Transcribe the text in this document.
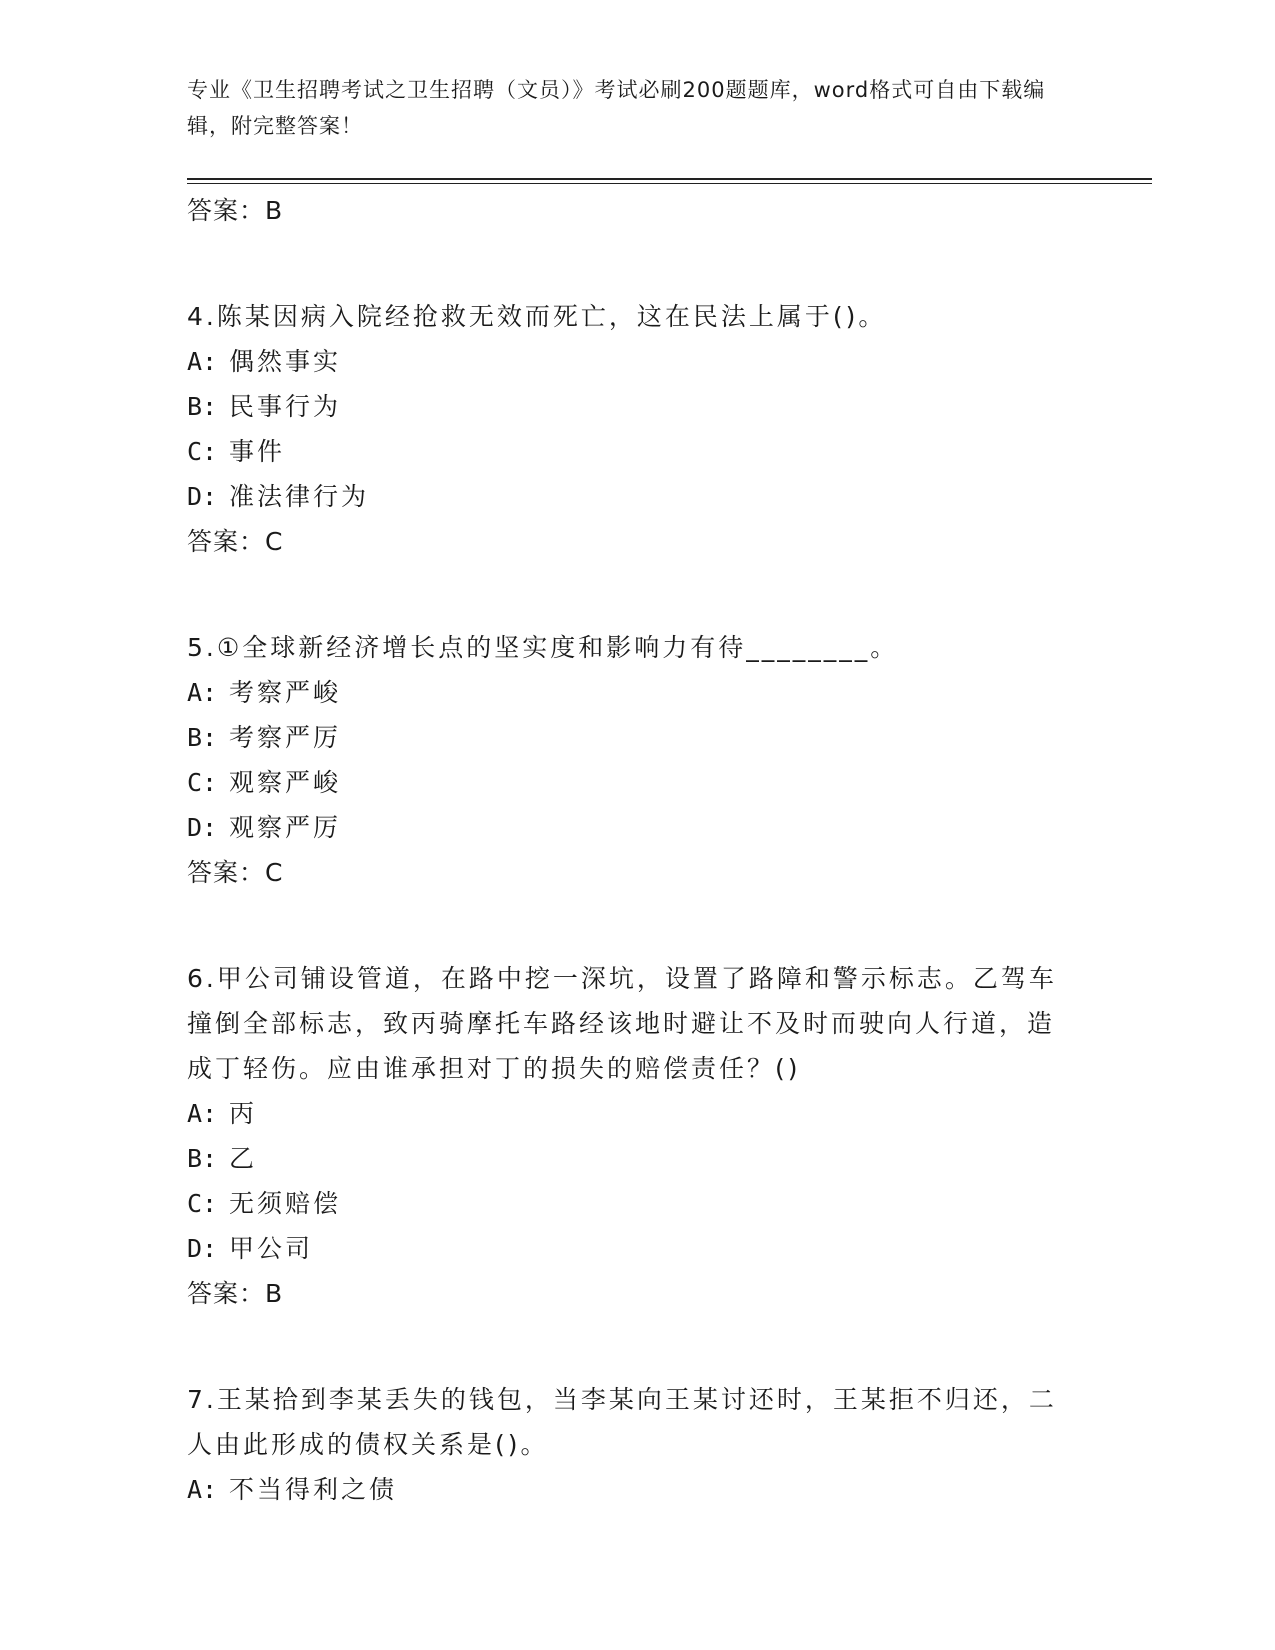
专业《卫生招聘考试之卫生招聘（文员）》考试必刷200题题库，word格式可自由下载编辑，附完整答案！
答案：B
4.陈某因病入院经抢救无效而死亡，这在民法上属于()。
A: 偶然事实
B: 民事行为
C: 事件
D: 准法律行为
答案：C
5.①全球新经济增长点的坚实度和影响力有待________。
A: 考察严峻
B: 考察严厉
C: 观察严峻
D: 观察严厉
答案：C
6.甲公司铺设管道，在路中挖一深坑，设置了路障和警示标志。乙驾车撞倒全部标志，致丙骑摩托车路经该地时避让不及时而驶向人行道，造成丁轻伤。应由谁承担对丁的损失的赔偿责任？()
A: 丙
B: 乙
C: 无须赔偿
D: 甲公司
答案：B
7.王某拾到李某丢失的钱包，当李某向王某讨还时，王某拒不归还，二人由此形成的债权关系是()。
A: 不当得利之债
